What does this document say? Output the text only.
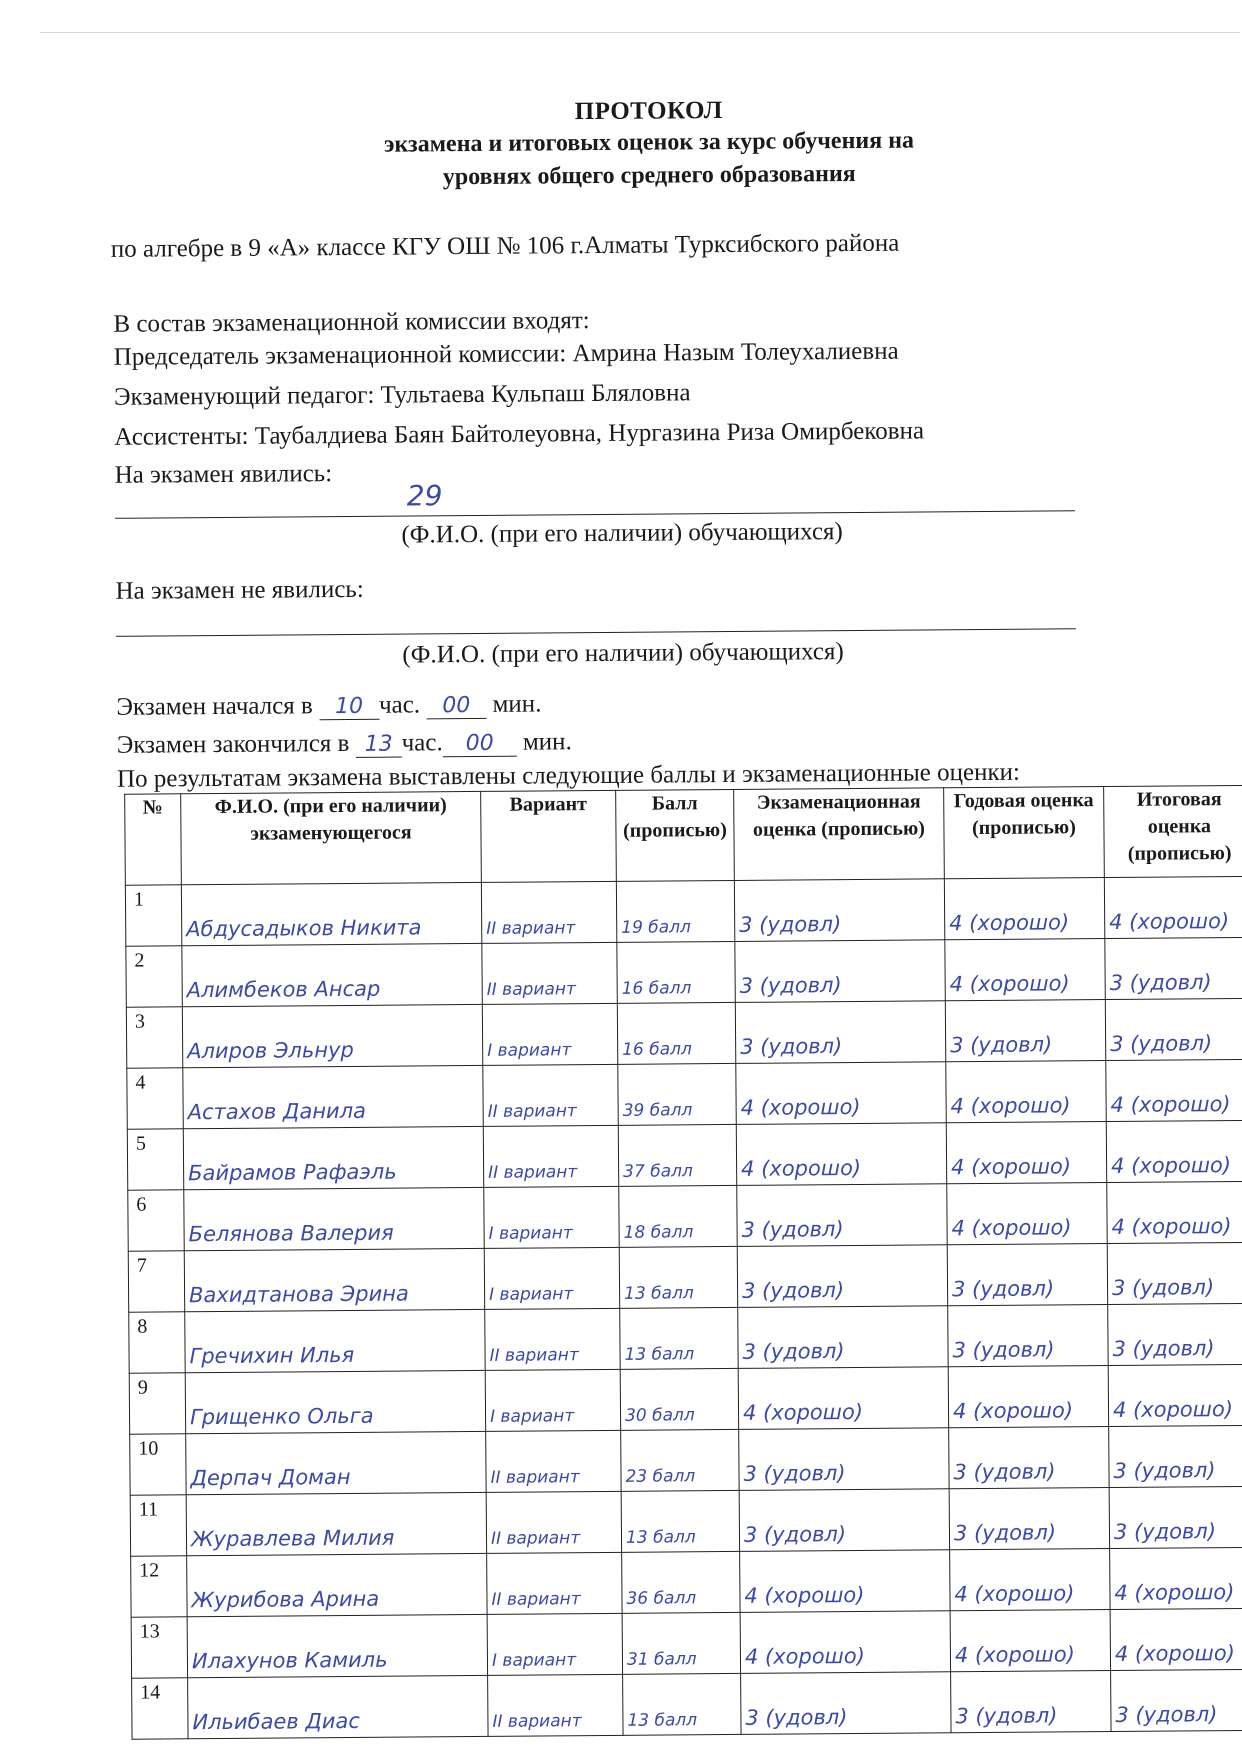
ПРОТОКОЛ
экзамена и итоговых оценок за курс обучения на
уровнях общего среднего образования
по алгебре в 9 «А» классе КГУ ОШ № 106 г.Алматы Турксибского района
В состав экзаменационной комиссии входят:
Председатель экзаменационной комиссии: Амрина Назым Толеухалиевна
Экзаменующий педагог: Тультаева Кульпаш Бляловна
Ассистенты: Таубалдиева Баян Байтолеуовна, Нургазина Риза Омирбековна
На экзамен явились:
29
(Ф.И.О. (при его наличии) обучающихся)
На экзамен не явились:
(Ф.И.О. (при его наличии) обучающихся)
Экзамен начался в 10 час. 00 мин.
Экзамен закончился в 13 час. 00 мин.
По результатам экзамена выставлены следующие баллы и экзаменационные оценки:
№	Ф.И.О. (при его наличии) экзаменующегося	Вариант	Балл (прописью)	Экзаменационная оценка (прописью)	Годовая оценка (прописью)	Итоговая оценка (прописью)
1	Абдусадыков Никита	II вариант	19 балл	3 (удовл)	4 (хорошо)	4 (хорошо)
2	Алимбеков Ансар	II вариант	16 балл	3 (удовл)	4 (хорошо)	3 (удовл)
3	Алиров Эльнур	I вариант	16 балл	3 (удовл)	3 (удовл)	3 (удовл)
4	Астахов Данила	II вариант	39 балл	4 (хорошо)	4 (хорошо)	4 (хорошо)
5	Байрамов Рафаэль	II вариант	37 балл	4 (хорошо)	4 (хорошо)	4 (хорошо)
6	Белянова Валерия	I вариант	18 балл	3 (удовл)	4 (хорошо)	4 (хорошо)
7	Вахидтанова Эрина	I вариант	13 балл	3 (удовл)	3 (удовл)	3 (удовл)
8	Гречихин Илья	II вариант	13 балл	3 (удовл)	3 (удовл)	3 (удовл)
9	Грищенко Ольга	I вариант	30 балл	4 (хорошо)	4 (хорошо)	4 (хорошо)
10	Дерпач Доман	II вариант	23 балл	3 (удовл)	3 (удовл)	3 (удовл)
11	Журавлева Милия	II вариант	13 балл	3 (удовл)	3 (удовл)	3 (удовл)
12	Журибова Арина	II вариант	36 балл	4 (хорошо)	4 (хорошо)	4 (хорошо)
13	Илахунов Камиль	I вариант	31 балл	4 (хорошо)	4 (хорошо)	4 (хорошо)
14	Ильибаев Диас	II вариант	13 балл	3 (удовл)	3 (удовл)	3 (удовл)
